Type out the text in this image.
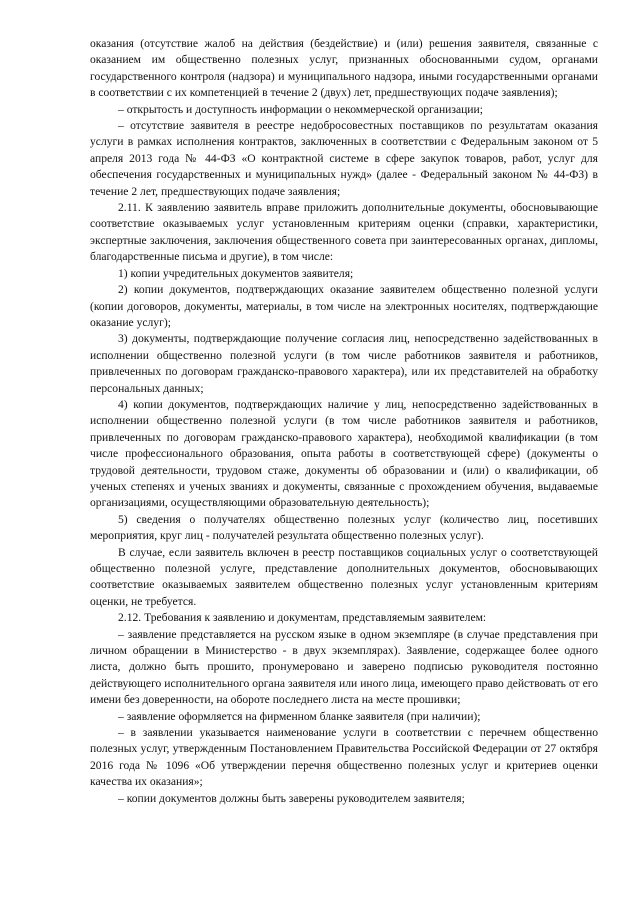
оказания (отсутствие жалоб на действия (бездействие) и (или) решения заявителя, связанные с оказанием им общественно полезных услуг, признанных обоснованными судом, органами государственного контроля (надзора) и муниципального надзора, иными государственными органами в соответствии с их компетенцией в течение 2 (двух) лет, предшествующих подаче заявления);

– открытость и доступность информации о некоммерческой организации;

– отсутствие заявителя в реестре недобросовестных поставщиков по результатам оказания услуги в рамках исполнения контрактов, заключенных в соответствии с Федеральным законом от 5 апреля 2013 года № 44-ФЗ «О контрактной системе в сфере закупок товаров, работ, услуг для обеспечения государственных и муниципальных нужд» (далее - Федеральный законом № 44-ФЗ) в течение 2 лет, предшествующих подаче заявления;

2.11. К заявлению заявитель вправе приложить дополнительные документы, обосновывающие соответствие оказываемых услуг установленным критериям оценки (справки, характеристики, экспертные заключения, заключения общественного совета при заинтересованных органах, дипломы, благодарственные письма и другие), в том числе:

1) копии учредительных документов заявителя;

2) копии документов, подтверждающих оказание заявителем общественно полезной услуги (копии договоров, документы, материалы, в том числе на электронных носителях, подтверждающие оказание услуг);

3) документы, подтверждающие получение согласия лиц, непосредственно задействованных в исполнении общественно полезной услуги (в том числе работников заявителя и работников, привлеченных по договорам гражданско-правового характера), или их представителей на обработку персональных данных;

4) копии документов, подтверждающих наличие у лиц, непосредственно задействованных в исполнении общественно полезной услуги (в том числе работников заявителя и работников, привлеченных по договорам гражданско-правового характера), необходимой квалификации (в том числе профессионального образования, опыта работы в соответствующей сфере) (документы о трудовой деятельности, трудовом стаже, документы об образовании и (или) о квалификации, об ученых степенях и ученых званиях и документы, связанные с прохождением обучения, выдаваемые организациями, осуществляющими образовательную деятельность);

5) сведения о получателях общественно полезных услуг (количество лиц, посетивших мероприятия, круг лиц - получателей результата общественно полезных услуг).

В случае, если заявитель включен в реестр поставщиков социальных услуг о соответствующей общественно полезной услуге, представление дополнительных документов, обосновывающих соответствие оказываемых заявителем общественно полезных услуг установленным критериям оценки, не требуется.

2.12. Требования к заявлению и документам, представляемым заявителем:

– заявление представляется на русском языке в одном экземпляре (в случае представления при личном обращении в Министерство - в двух экземплярах). Заявление, содержащее более одного листа, должно быть прошито, пронумеровано и заверено подписью руководителя постоянно действующего исполнительного органа заявителя или иного лица, имеющего право действовать от его имени без доверенности, на обороте последнего листа на месте прошивки;

– заявление оформляется на фирменном бланке заявителя (при наличии);

– в заявлении указывается наименование услуги в соответствии с перечнем общественно полезных услуг, утвержденным Постановлением Правительства Российской Федерации от 27 октября 2016 года № 1096 «Об утверждении перечня общественно полезных услуг и критериев оценки качества их оказания»;

– копии документов должны быть заверены руководителем заявителя;
